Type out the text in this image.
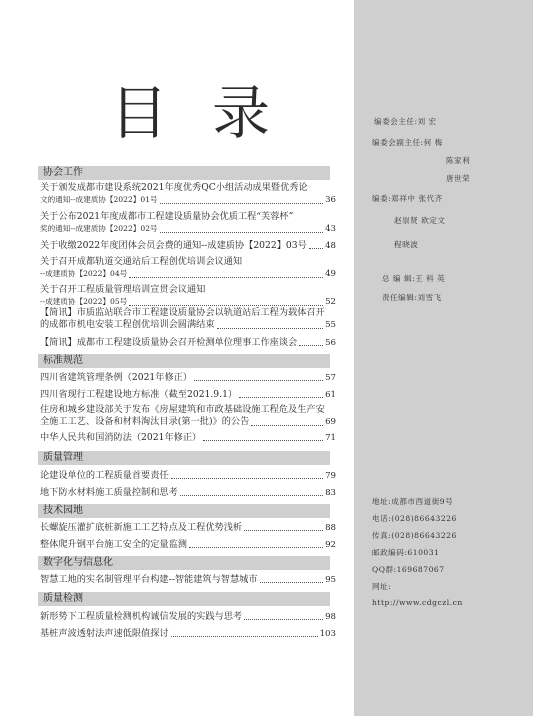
编委会主任:刘 宏
编委会副主任:何 梅
陈家利
唐世荣
编委:郑祥中 张代齐
赵崇贤 欧定文
程晓波
总 编 辑:王 科 英
责任编辑:刘雪飞
地址:成都市西道街9号
电话:(028)86643226
传真:(028)86643226
邮政编码:610031
QQ群:169687067
网址:
http://www.cdgczl.cn
目 录
协会工作
关于颁发成都市建设系统2021年度优秀QC小组活动成果暨优秀论
文的通知--成建质协【2022】01号	36
关于公布2021年度成都市工程建设质量协会优质工程“芙蓉杯”
奖的通知--成建质协【2022】02号	43
关于收缴2022年度团体会员会费的通知--成建质协【2022】03号 48
关于召开成都轨道交通站后工程创优培训会议通知
--成建质协【2022】04号	49
关于召开工程质量管理培训宣贯会议通知
--成建质协【2022】05号	52
【简讯】市质监站联合市工程建设质量协会以轨道站后工程为载体召开
的成都市机电安装工程创优培训会圆满结束	55
【简讯】成都市工程建设质量协会召开检测单位理事工作座谈会	56
标准规范
四川省建筑管理条例（2021年修正）	57
四川省现行工程建设地方标准（截至2021.9.1）	61
住房和城乡建设部关于发布《房屋建筑和市政基础设施工程危及生产安
全施工工艺、设备和材料淘汰目录(第一批)》的公告	69
中华人民共和国消防法（2021年修正）	71
质量管理
论建设单位的工程质量首要责任	79
地下防水材料施工质量控制和思考	83
技术园地
长螺旋压灌扩底桩新施工工艺特点及工程优势浅析	88
整体爬升钢平台施工安全的定量监测	92
数字化与信息化
智慧工地的实名制管理平台构建--智能建筑与智慧城市	95
质量检测
新形势下工程质量检测机构诚信发展的实践与思考	98
基桩声波透射法声速低限值探讨	103
